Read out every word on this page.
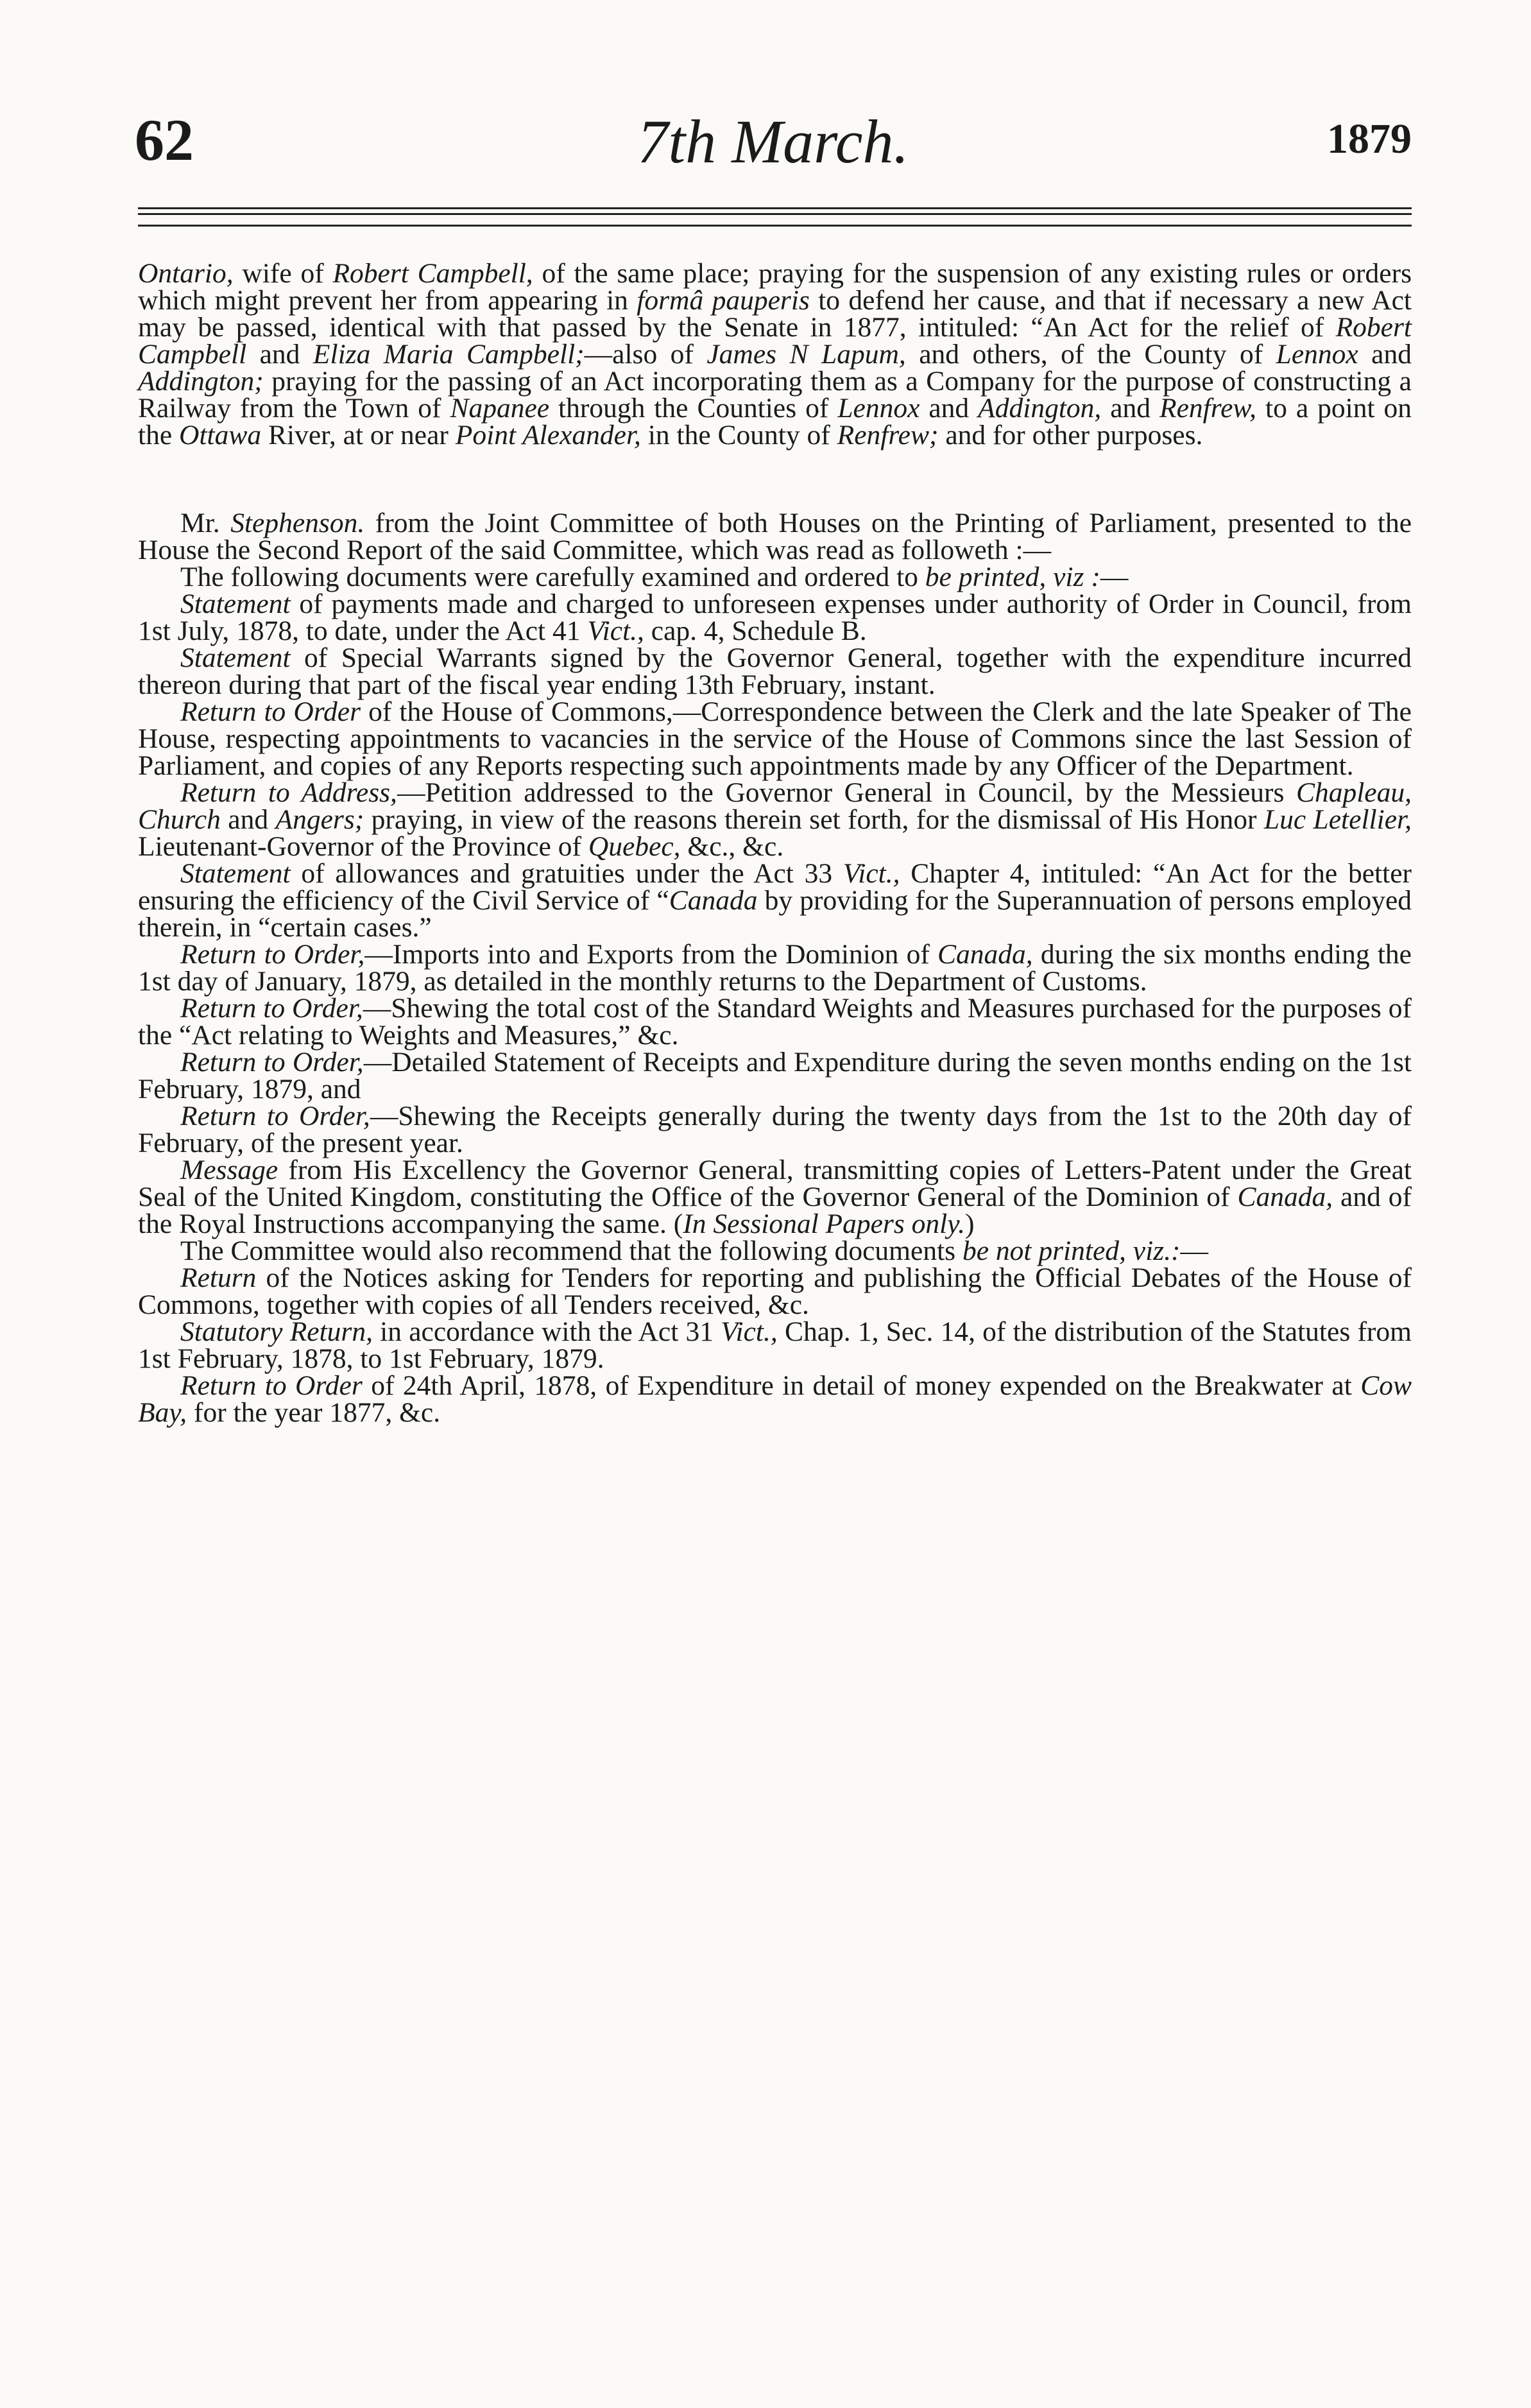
62	7th March.	1879

Ontario, wife of Robert Campbell, of the same place; praying for the suspension of any existing rules or orders which might prevent her from appearing in formâ pauperis to defend her cause, and that if necessary a new Act may be passed, identical with that passed by the Senate in 1877, intituled: “An Act for the relief of Robert Campbell and Eliza Maria Campbell;—also of James N Lapum, and others, of the County of Lennox and Addington; praying for the passing of an Act incorporating them as a Company for the purpose of constructing a Railway from the Town of Napanee through the Counties of Lennox and Addington, and Renfrew, to a point on the Ottawa River, at or near Point Alexander, in the County of Renfrew; and for other purposes.

Mr. Stephenson. from the Joint Committee of both Houses on the Printing of Parliament, presented to the House the Second Report of the said Committee, which was read as followeth :—

The following documents were carefully examined and ordered to be printed, viz :—

Statement of payments made and charged to unforeseen expenses under authority of Order in Council, from 1st July, 1878, to date, under the Act 41 Vict., cap. 4, Schedule B.

Statement of Special Warrants signed by the Governor General, together with the expenditure incurred thereon during that part of the fiscal year ending 13th February, instant.

Return to Order of the House of Commons,—Correspondence between the Clerk and the late Speaker of The House, respecting appointments to vacancies in the service of the House of Commons since the last Session of Parliament, and copies of any Reports respecting such appointments made by any Officer of the Department.

Return to Address,—Petition addressed to the Governor General in Council, by the Messieurs Chapleau, Church and Angers; praying, in view of the reasons therein set forth, for the dismissal of His Honor Luc Letellier, Lieutenant-Governor of the Province of Quebec, &c., &c.

Statement of allowances and gratuities under the Act 33 Vict., Chapter 4, intituled: “An Act for the better ensuring the efficiency of the Civil Service of “Canada by providing for the Superannuation of persons employed therein, in “certain cases.”

Return to Order,—Imports into and Exports from the Dominion of Canada, during the six months ending the 1st day of January, 1879, as detailed in the monthly returns to the Department of Customs.

Return to Order,—Shewing the total cost of the Standard Weights and Measures purchased for the purposes of the “Act relating to Weights and Measures,” &c.

Return to Order,—Detailed Statement of Receipts and Expenditure during the seven months ending on the 1st February, 1879, and

Return to Order,—Shewing the Receipts generally during the twenty days from the 1st to the 20th day of February, of the present year.

Message from His Excellency the Governor General, transmitting copies of Letters-Patent under the Great Seal of the United Kingdom, constituting the Office of the Governor General of the Dominion of Canada, and of the Royal Instructions accompanying the same. (In Sessional Papers only.)

The Committee would also recommend that the following documents be not printed, viz.:—

Return of the Notices asking for Tenders for reporting and publishing the Official Debates of the House of Commons, together with copies of all Tenders received, &c.

Statutory Return, in accordance with the Act 31 Vict., Chap. 1, Sec. 14, of the distribution of the Statutes from 1st February, 1878, to 1st February, 1879.

Return to Order of 24th April, 1878, of Expenditure in detail of money expended on the Breakwater at Cow Bay, for the year 1877, &c.
